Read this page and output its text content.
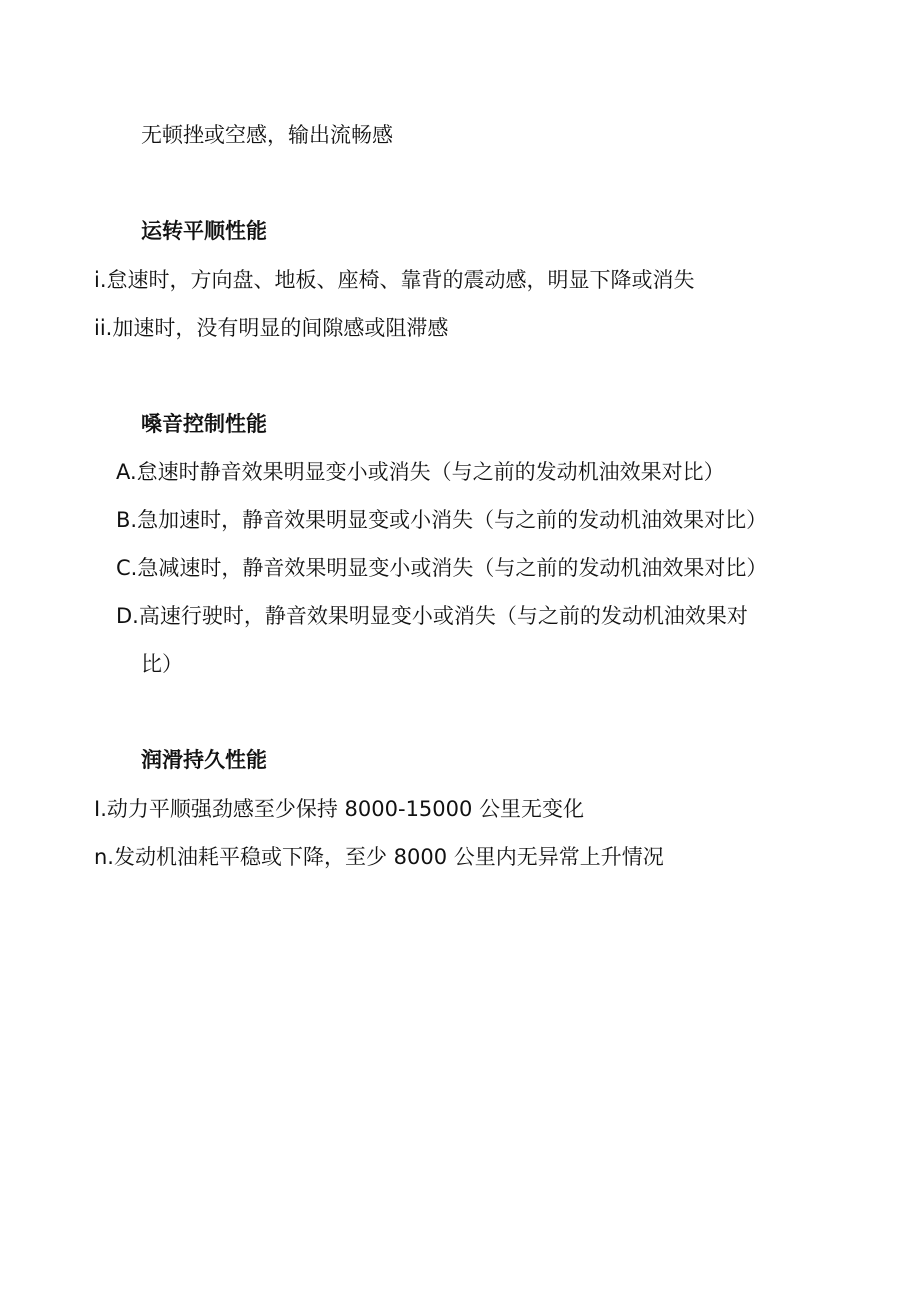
无顿挫或空感，输出流畅感
运转平顺性能
i.怠速时，方向盘、地板、座椅、靠背的震动感，明显下降或消失
ii.加速时，没有明显的间隙感或阻滞感
嗓音控制性能
A.怠速时静音效果明显变小或消失（与之前的发动机油效果对比）
B.急加速时，静音效果明显变或小消失（与之前的发动机油效果对比）
C.急减速时，静音效果明显变小或消失（与之前的发动机油效果对比）
D.高速行驶时，静音效果明显变小或消失（与之前的发动机油效果对
比）
润滑持久性能
I.动力平顺强劲感至少保持 8000-15000 公里无变化
n.发动机油耗平稳或下降，至少 8000 公里内无异常上升情况
